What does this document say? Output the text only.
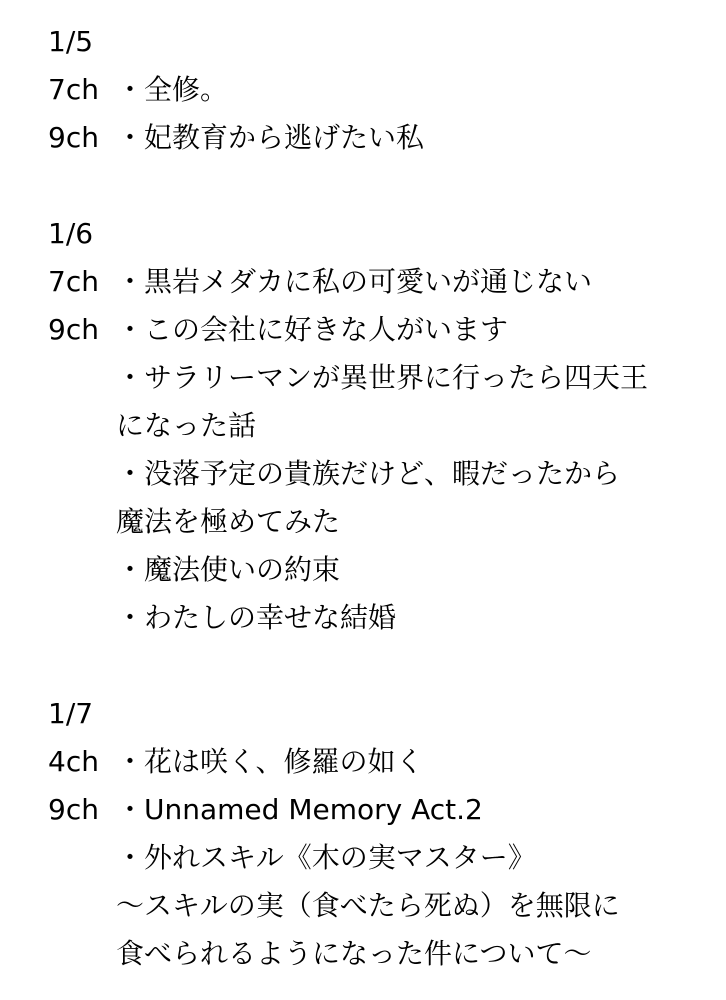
1/5
7ch ・全修。
9ch ・妃教育から逃げたい私
1/6
7ch ・黒岩メダカに私の可愛いが通じない
9ch ・この会社に好きな人がいます
・サラリーマンが異世界に行ったら四天王
になった話
・没落予定の貴族だけど、暇だったから
魔法を極めてみた
・魔法使いの約束
・わたしの幸せな結婚
1/7
4ch ・花は咲く、修羅の如く
9ch ・Unnamed Memory Act.2
・外れスキル《木の実マスター》
〜スキルの実（食べたら死ぬ）を無限に
食べられるようになった件について〜
